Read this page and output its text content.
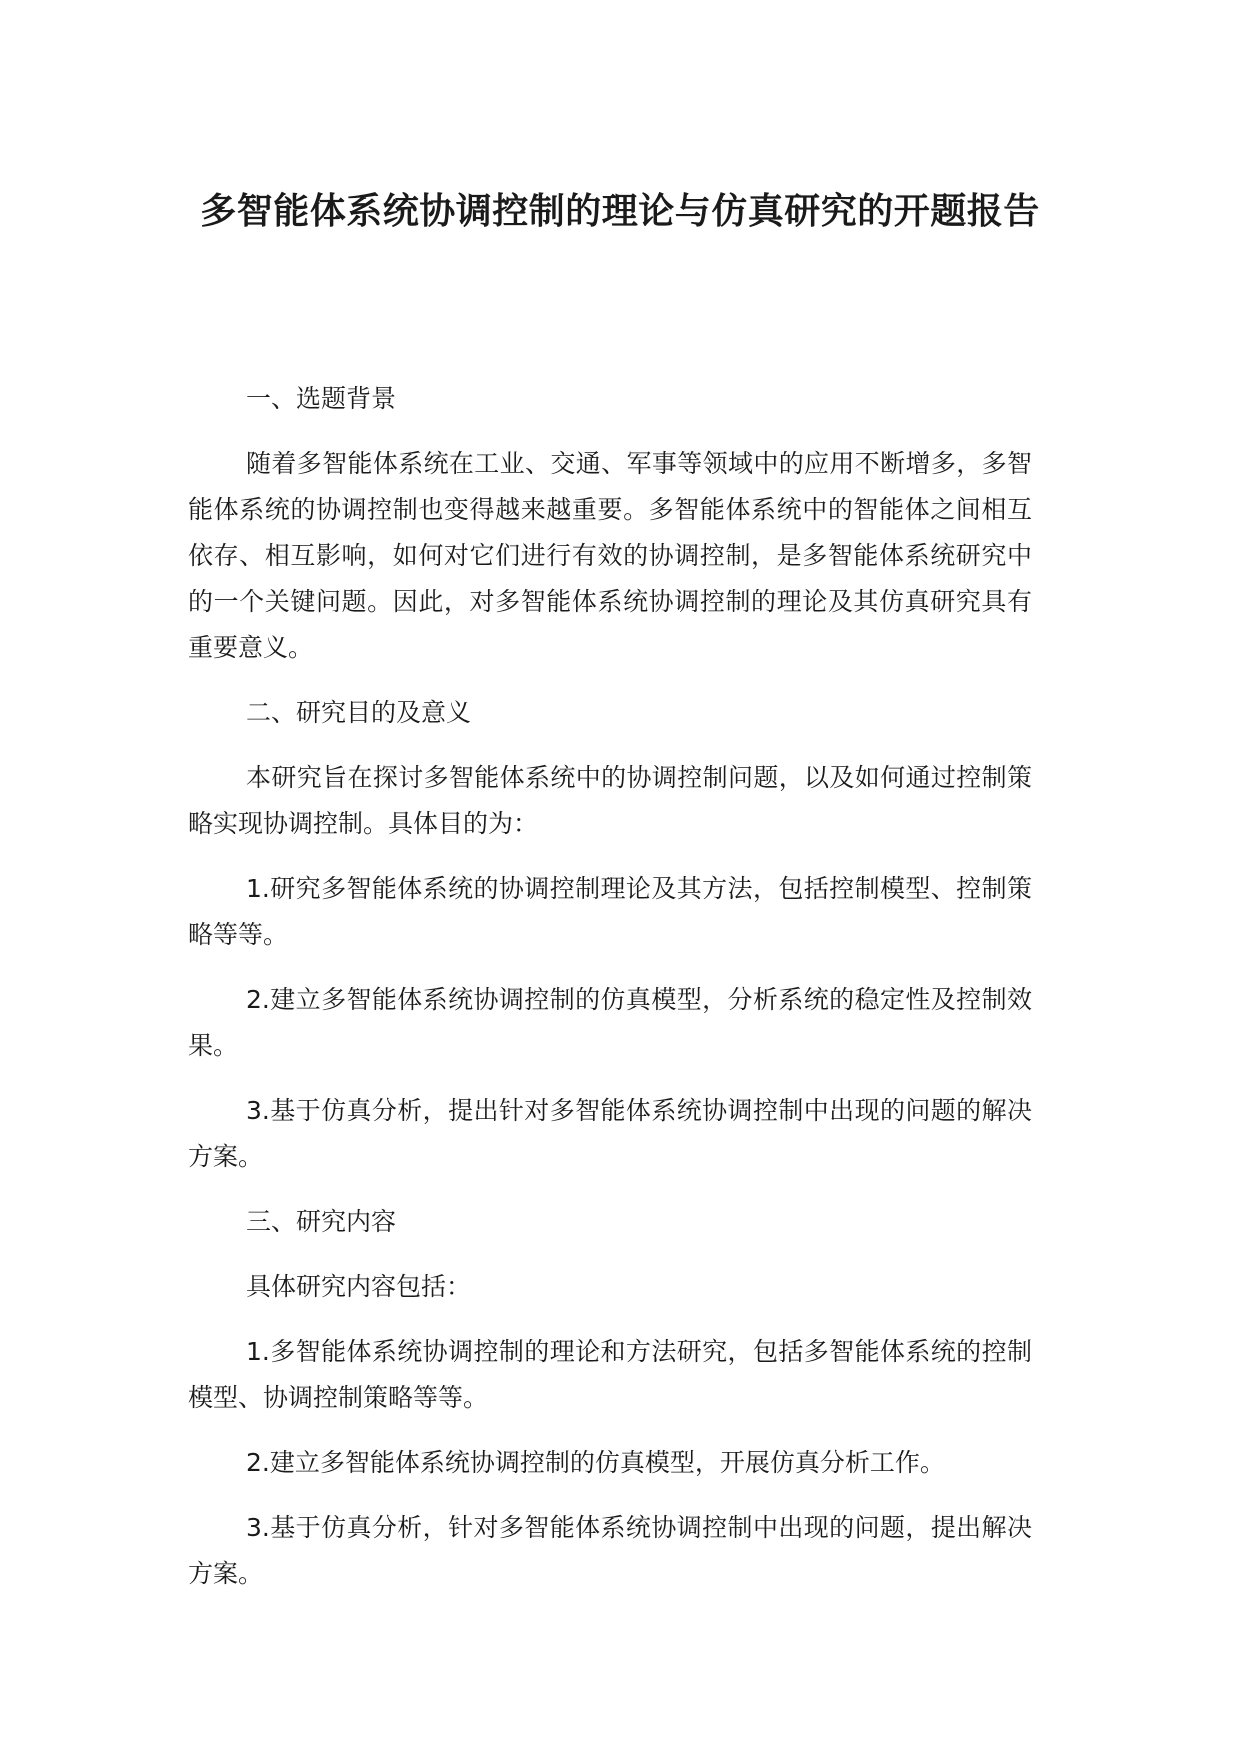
多智能体系统协调控制的理论与仿真研究的开题报告

一、选题背景

随着多智能体系统在工业、交通、军事等领域中的应用不断增多，多智能体系统的协调控制也变得越来越重要。多智能体系统中的智能体之间相互依存、相互影响，如何对它们进行有效的协调控制，是多智能体系统研究中的一个关键问题。因此，对多智能体系统协调控制的理论及其仿真研究具有重要意义。

二、研究目的及意义

本研究旨在探讨多智能体系统中的协调控制问题，以及如何通过控制策略实现协调控制。具体目的为：

1.研究多智能体系统的协调控制理论及其方法，包括控制模型、控制策略等等。

2.建立多智能体系统协调控制的仿真模型，分析系统的稳定性及控制效果。

3.基于仿真分析，提出针对多智能体系统协调控制中出现的问题的解决方案。

三、研究内容

具体研究内容包括：

1.多智能体系统协调控制的理论和方法研究，包括多智能体系统的控制模型、协调控制策略等等。

2.建立多智能体系统协调控制的仿真模型，开展仿真分析工作。

3.基于仿真分析，针对多智能体系统协调控制中出现的问题，提出解决方案。
